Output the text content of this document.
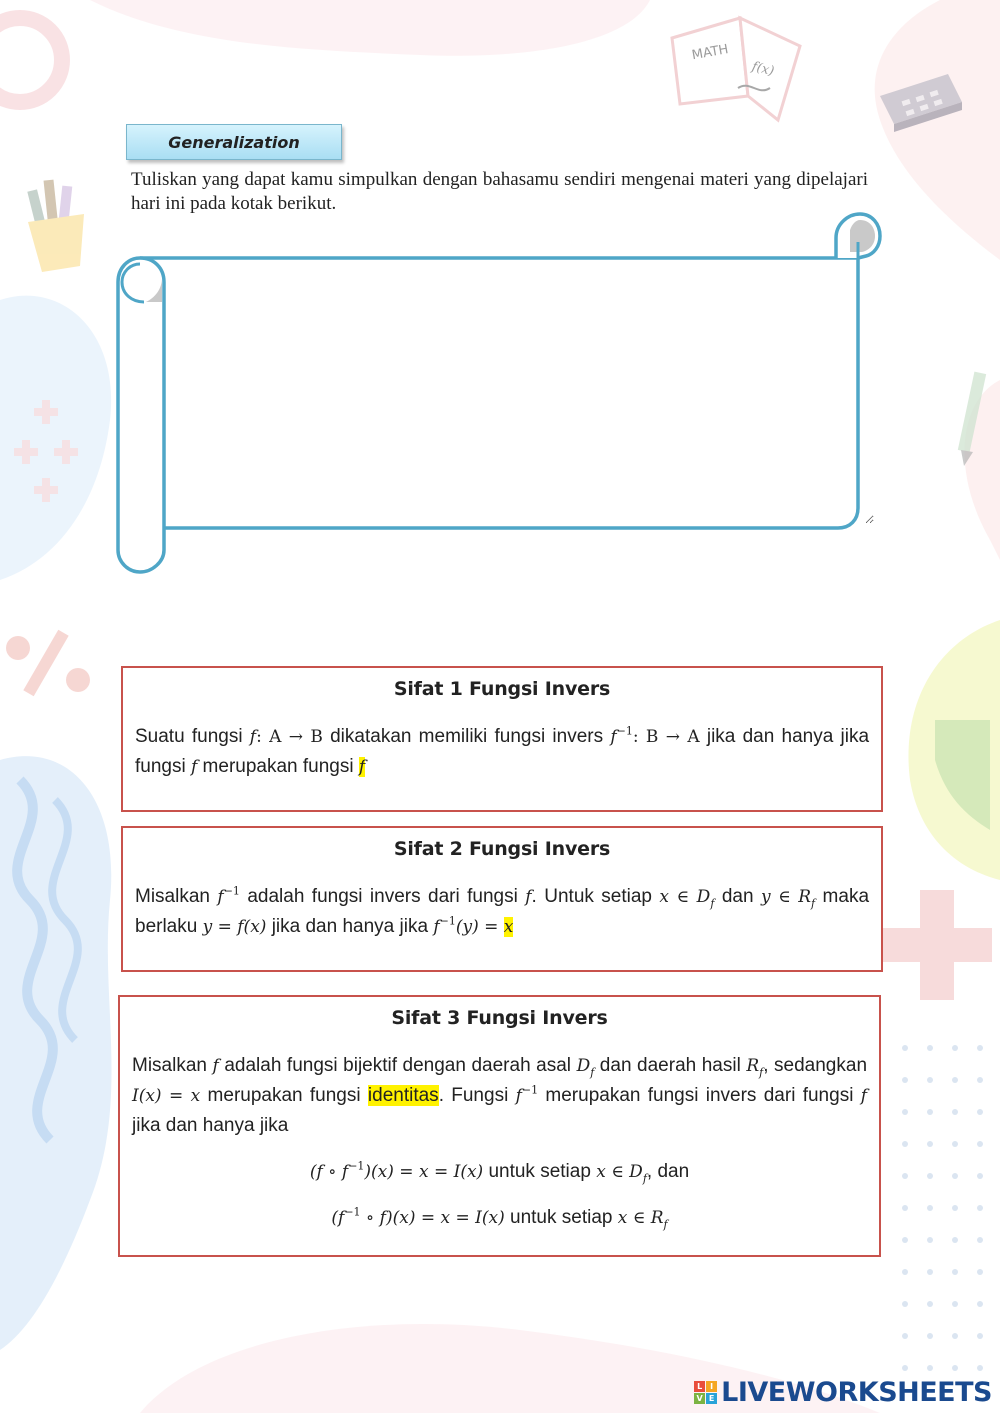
MATH
f(x)
Generalization
Tuliskan yang dapat kamu simpulkan dengan bahasamu sendiri mengenai materi yang dipelajari hari ini pada kotak berikut.
Sifat 1 Fungsi Invers
Suatu fungsi f: A → B dikatakan memiliki fungsi invers $f^{-1}$: B → A jika dan hanya jika fungsi f merupakan fungsi f
Sifat 2 Fungsi Invers
Misalkan $f^{-1}$ adalah fungsi invers dari fungsi f. Untuk setiap x ∈ $D_f$ dan y ∈ $R_f$ maka berlaku y = f(x) jika dan hanya jika $f^{-1}(y) = x$
Sifat 3 Fungsi Invers
Misalkan f adalah fungsi bijektif dengan daerah asal $D_f$ dan daerah hasil $R_f$, sedangkan I(x) = x merupakan fungsi identitas. Fungsi $f^{-1}$ merupakan fungsi invers dari fungsi f jika dan hanya jika
(f ∘ $f^{-1})(x) = x = I(x)$ untuk setiap x ∈ $D_f$, dan
($f^{-1}$ ∘ f)(x) = x = I(x) untuk setiap x ∈ $R_f$
L I
V E LIVEWORKSHEETS
